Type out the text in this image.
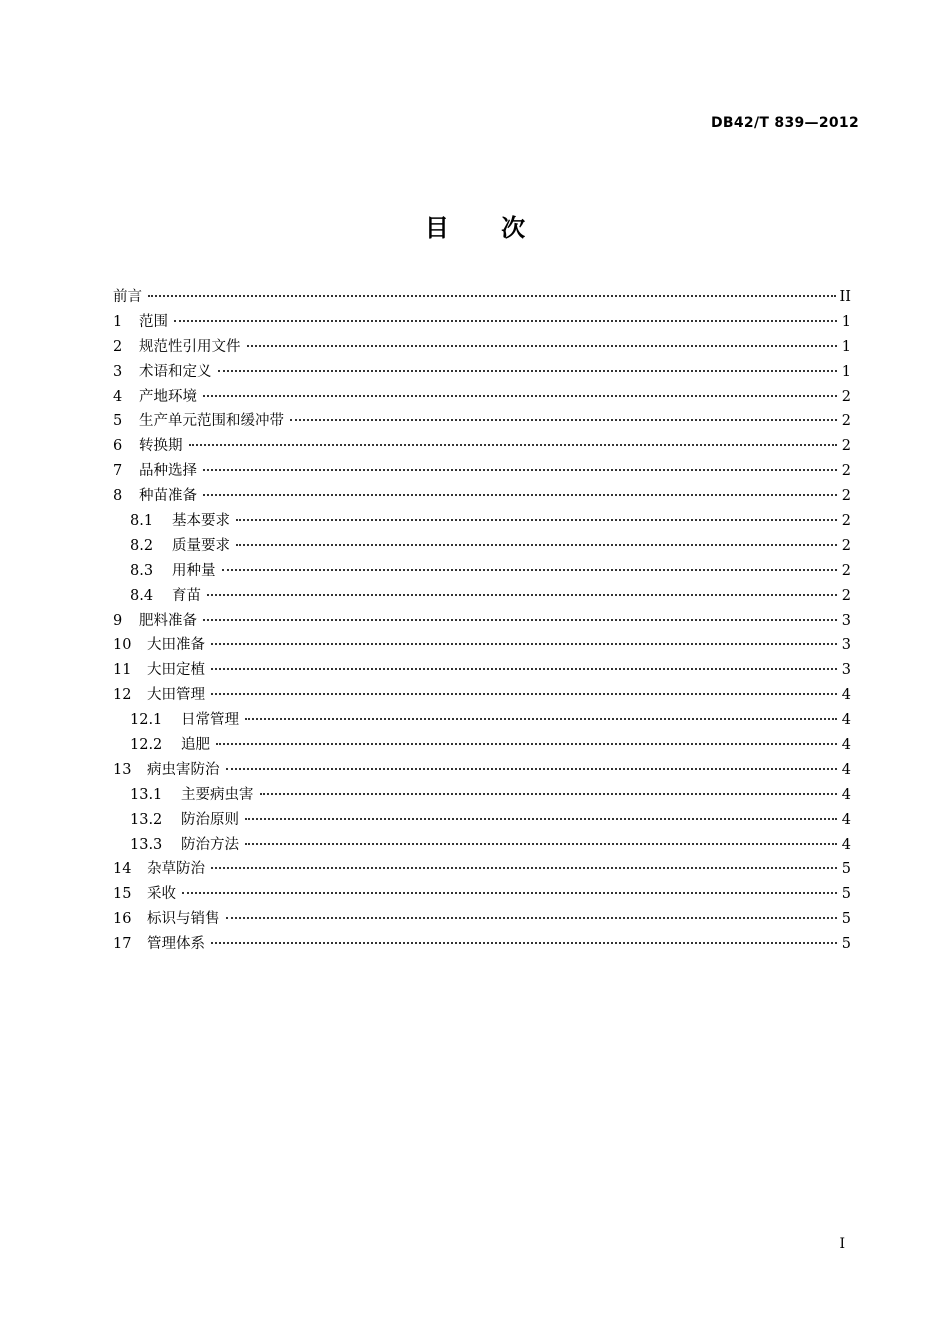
DB42/T 839—2012
目 次
前言	II
1	范围	1
2	规范性引用文件	1
3	术语和定义	1
4	产地环境	2
5	生产单元范围和缓冲带	2
6	转换期	2
7	品种选择	2
8	种苗准备	2
8.1	基本要求	2
8.2	质量要求	2
8.3	用种量	2
8.4	育苗	2
9	肥料准备	3
10	大田准备	3
11	大田定植	3
12	大田管理	4
12.1	日常管理	4
12.2	追肥	4
13	病虫害防治	4
13.1	主要病虫害	4
13.2	防治原则	4
13.3	防治方法	4
14	杂草防治	5
15	采收	5
16	标识与销售	5
17	管理体系	5
I
